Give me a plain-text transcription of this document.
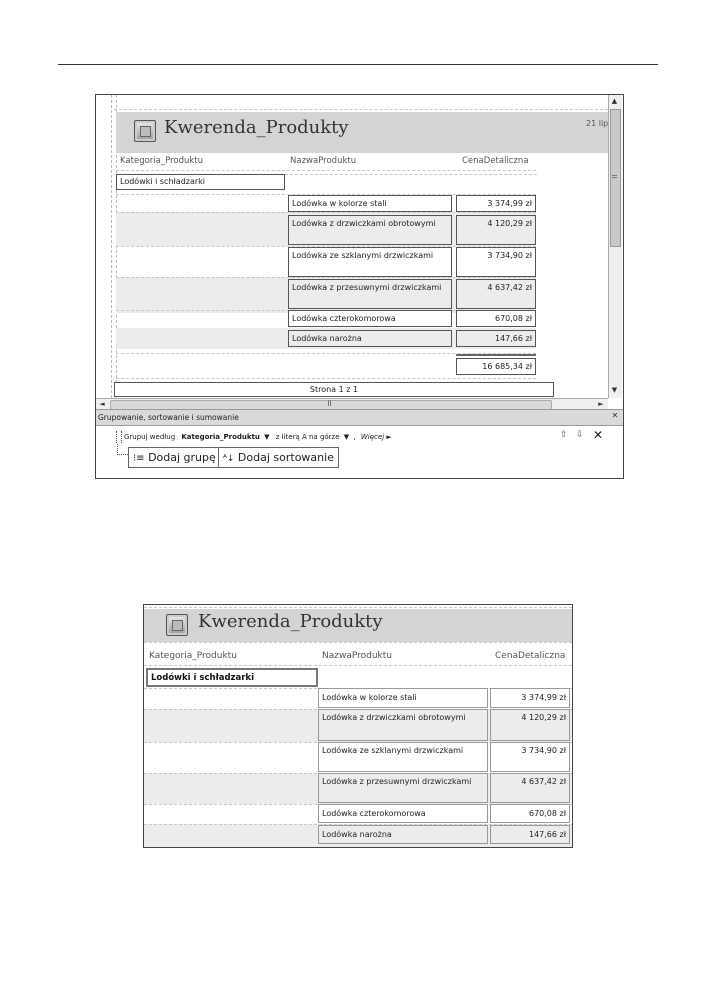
Kwerenda_Produkty	21 lip
Kategoria_Produktu	NazwaProduktu	CenaDetaliczna
Lodówki i schładzarki
Lodówka w kolorze stali	3 374,99 zł
Lodówka z drzwiczkami obrotowymi	4 120,29 zł
Lodówka ze szklanymi drzwiczkami	3 734,90 zł
Lodówka z przesuwnymi drzwiczkami	4 637,42 zł
Lodówka czterokomorowa	670,08 zł
Lodówka narożna	147,66 zł
16 685,34 zł
Strona 1 z 1
▲
▼
◄	►
Grupowanie, sortowanie i sumowanie	✕
Grupuj według Kategoria_Produktu ▼ z literą A na górze ▼ , Więcej ►	⇧ ⇩ ✕
⁝≡ Dodaj grupę ᴬ↓ Dodaj sortowanie
Kwerenda_Produkty
Kategoria_Produktu	NazwaProduktu	CenaDetaliczna
Lodówki i schładzarki
Lodówka w kolorze stali	3 374,99 zł
Lodówka z drzwiczkami obrotowymi	4 120,29 zł
Lodówka ze szklanymi drzwiczkami	3 734,90 zł
Lodówka z przesuwnymi drzwiczkami	4 637,42 zł
Lodówka czterokomorowa	670,08 zł
Lodówka narożna	147,66 zł
